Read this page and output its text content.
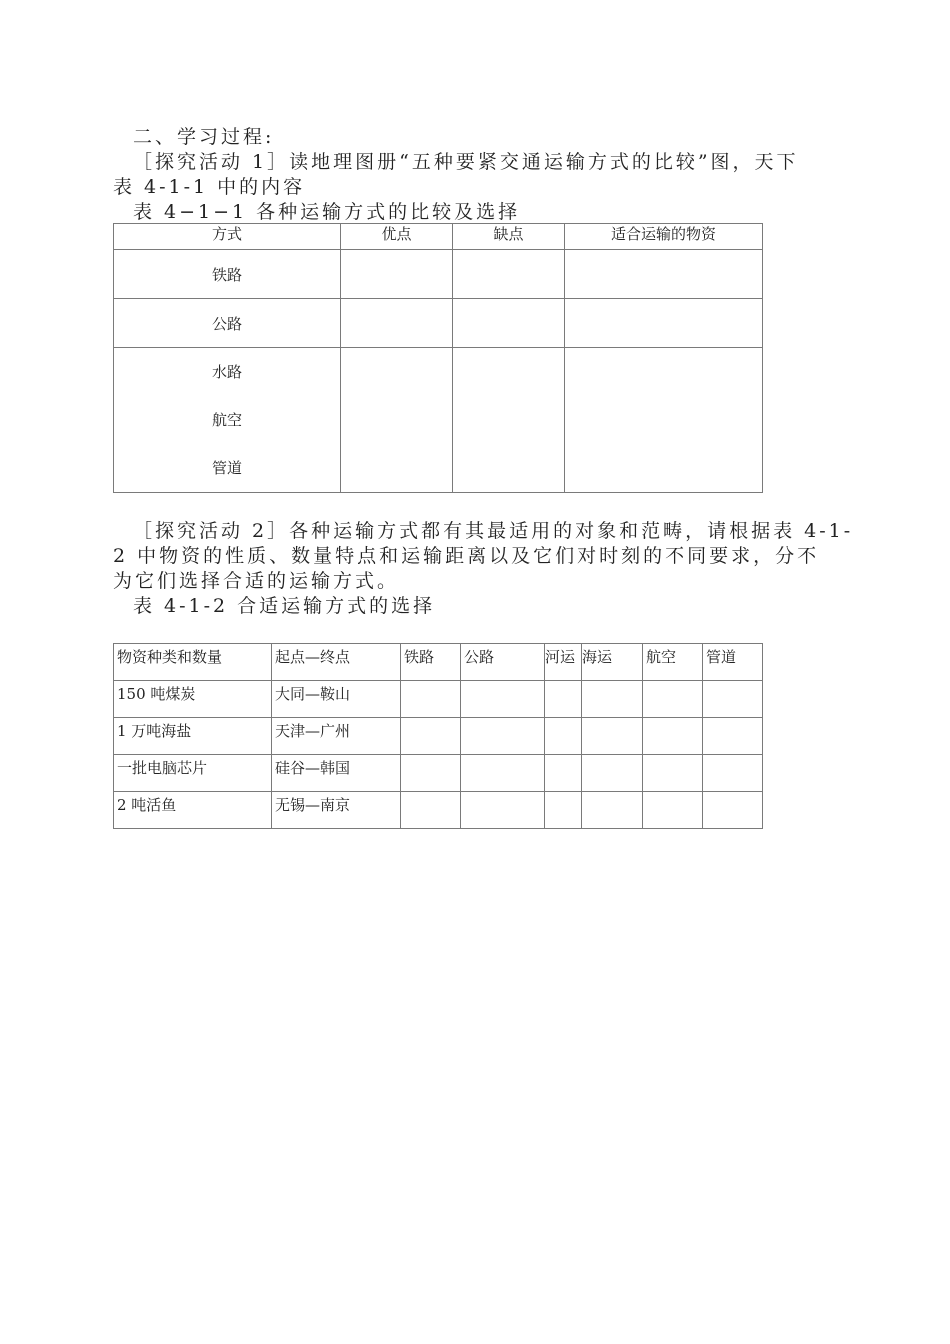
二、学习过程:
［探究活动 1］读地理图册“五种要紧交通运输方式的比较”图，天下
表 4-1-1 中的内容
表 4−1−1 各种运输方式的比较及选择
方式	优点	缺点	适合运输的物资
铁路			
公路			

水路
航空
管道			

［探究活动 2］各种运输方式都有其最适用的对象和范畴，请根据表 4-1-
2 中物资的性质、数量特点和运输距离以及它们对时刻的不同要求，分不
为它们选择合适的运输方式。
表 4-1-2 合适运输方式的选择
物资种类和数量	起点—终点	铁路	公路	河运	海运	航空	管道
150 吨煤炭	大同—鞍山						
1 万吨海盐	天津—广州						
一批电脑芯片	硅谷—韩国						
2 吨活鱼	无锡—南京						
